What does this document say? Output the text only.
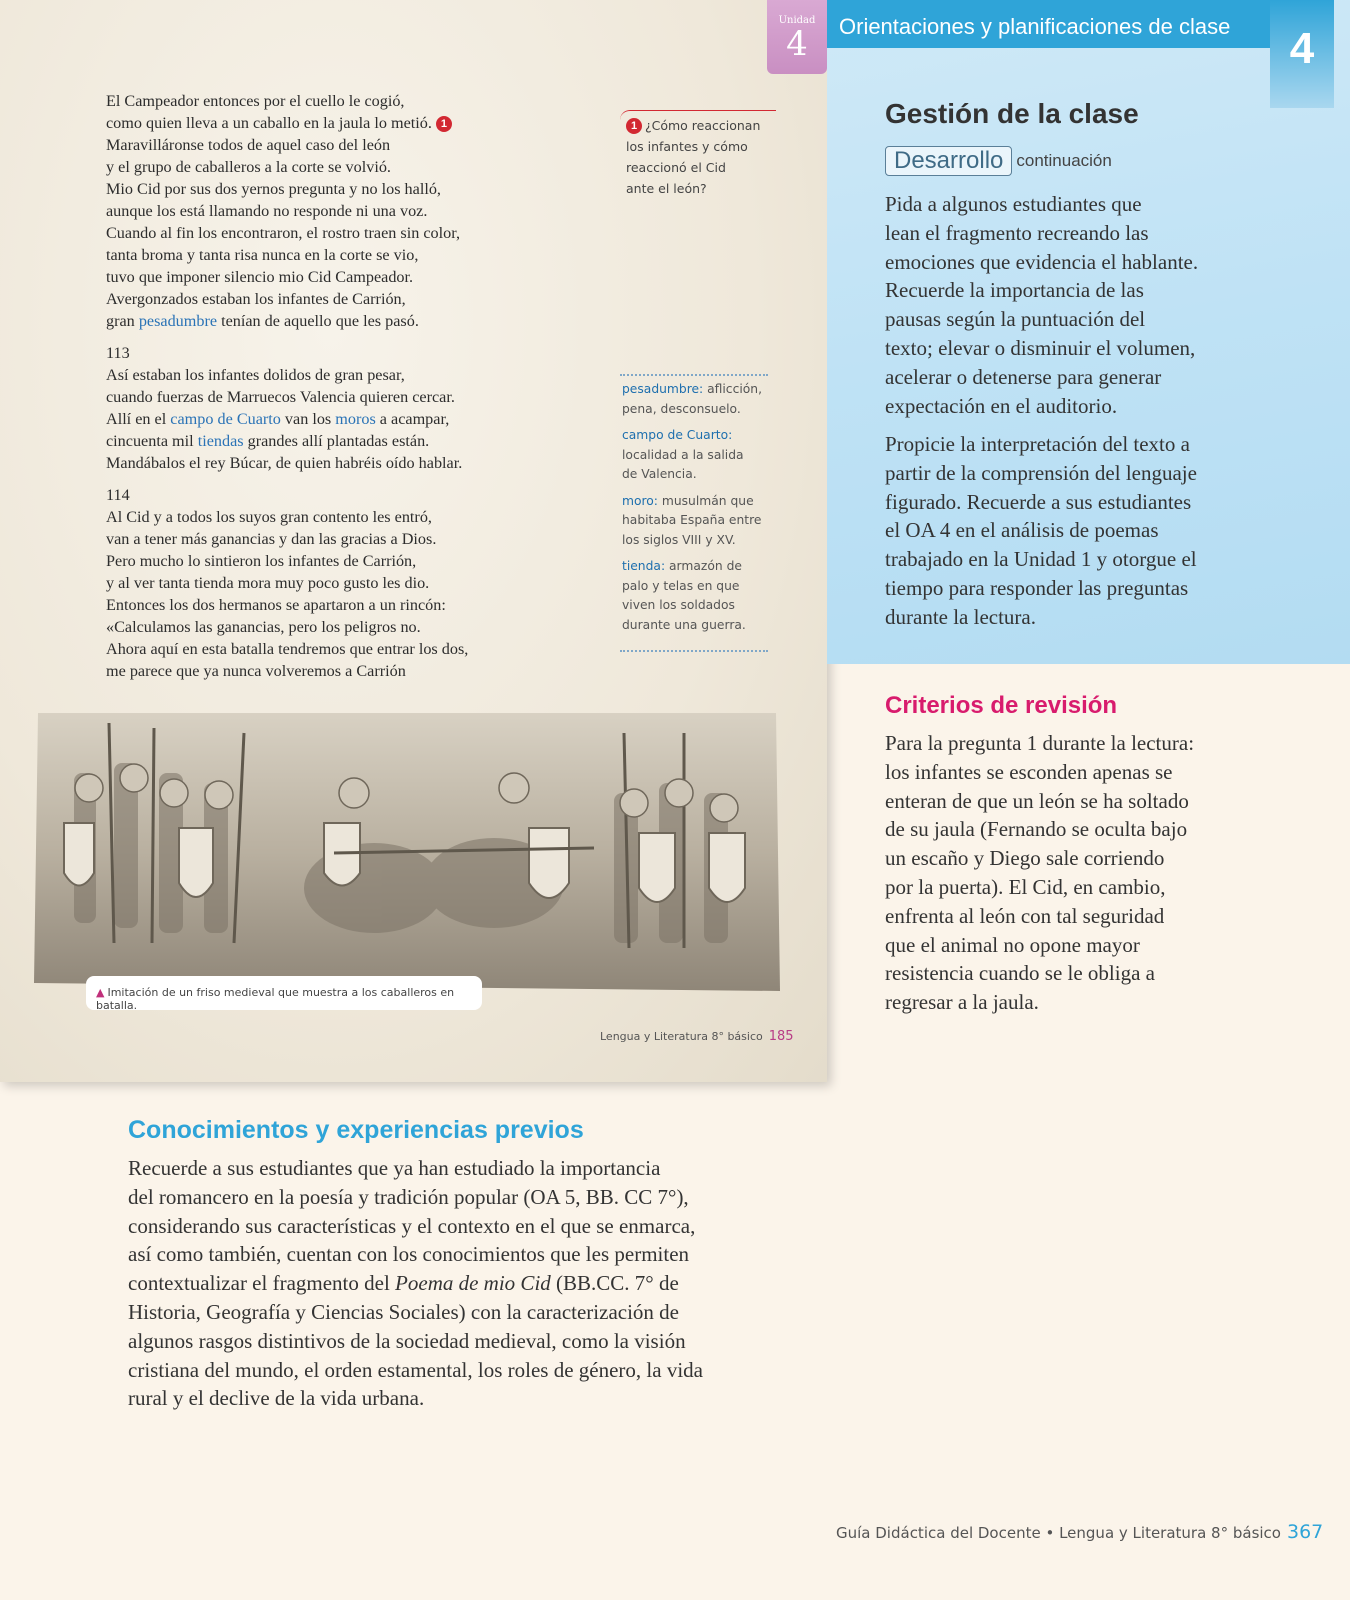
Unidad
4
El Campeador entonces por el cuello le cogió,
como quien lleva a un caballo en la jaula lo metió. 1
Maravilláronse todos de aquel caso del león
y el grupo de caballeros a la corte se volvió.
Mio Cid por sus dos yernos pregunta y no los halló,
aunque los está llamando no responde ni una voz.
Cuando al fin los encontraron, el rostro traen sin color,
tanta broma y tanta risa nunca en la corte se vio,
tuvo que imponer silencio mio Cid Campeador.
Avergonzados estaban los infantes de Carrión,
gran pesadumbre tenían de aquello que les pasó.
113
Así estaban los infantes dolidos de gran pesar,
cuando fuerzas de Marruecos Valencia quieren cercar.
Allí en el campo de Cuarto van los moros a acampar,
cincuenta mil tiendas grandes allí plantadas están.
Mandábalos el rey Búcar, de quien habréis oído hablar.
114
Al Cid y a todos los suyos gran contento les entró,
van a tener más ganancias y dan las gracias a Dios.
Pero mucho lo sintieron los infantes de Carrión,
y al ver tanta tienda mora muy poco gusto les dio.
Entonces los dos hermanos se apartaron a un rincón:
«Calculamos las ganancias, pero los peligros no.
Ahora aquí en esta batalla tendremos que entrar los dos,
me parece que ya nunca volveremos a Carrión
1 ¿Cómo reaccionan
los infantes y cómo
reaccionó el Cid
ante el león?
pesadumbre: aflicción,
pena, desconsuelo.
campo de Cuarto:
localidad a la salida
de Valencia.
moro: musulmán que
habitaba España entre
los siglos VIII y XV.
tienda: armazón de
palo y telas en que
viven los soldados
durante una guerra.
▲ Imitación de un friso medieval que muestra a los caballeros en batalla.
Lengua y Literatura 8° básico 185
Orientaciones y planificaciones de clase	4
Gestión de la clase
Desarrollo continuación
Pida a algunos estudiantes que
lean el fragmento recreando las
emociones que evidencia el hablante.
Recuerde la importancia de las
pausas según la puntuación del
texto; elevar o disminuir el volumen,
acelerar o detenerse para generar
expectación en el auditorio.
Propicie la interpretación del texto a
partir de la comprensión del lenguaje
figurado. Recuerde a sus estudiantes
el OA 4 en el análisis de poemas
trabajado en la Unidad 1 y otorgue el
tiempo para responder las preguntas
durante la lectura.
Criterios de revisión
Para la pregunta 1 durante la lectura:
los infantes se esconden apenas se
enteran de que un león se ha soltado
de su jaula (Fernando se oculta bajo
un escaño y Diego sale corriendo
por la puerta). El Cid, en cambio,
enfrenta al león con tal seguridad
que el animal no opone mayor
resistencia cuando se le obliga a
regresar a la jaula.
Conocimientos y experiencias previos
Recuerde a sus estudiantes que ya han estudiado la importancia
del romancero en la poesía y tradición popular (OA 5, BB. CC 7°),
considerando sus características y el contexto en el que se enmarca,
así como también, cuentan con los conocimientos que les permiten
contextualizar el fragmento del Poema de mio Cid (BB.CC. 7° de
Historia, Geografía y Ciencias Sociales) con la caracterización de
algunos rasgos distintivos de la sociedad medieval, como la visión
cristiana del mundo, el orden estamental, los roles de género, la vida
rural y el declive de la vida urbana.
Guía Didáctica del Docente • Lengua y Literatura 8° básico 367
